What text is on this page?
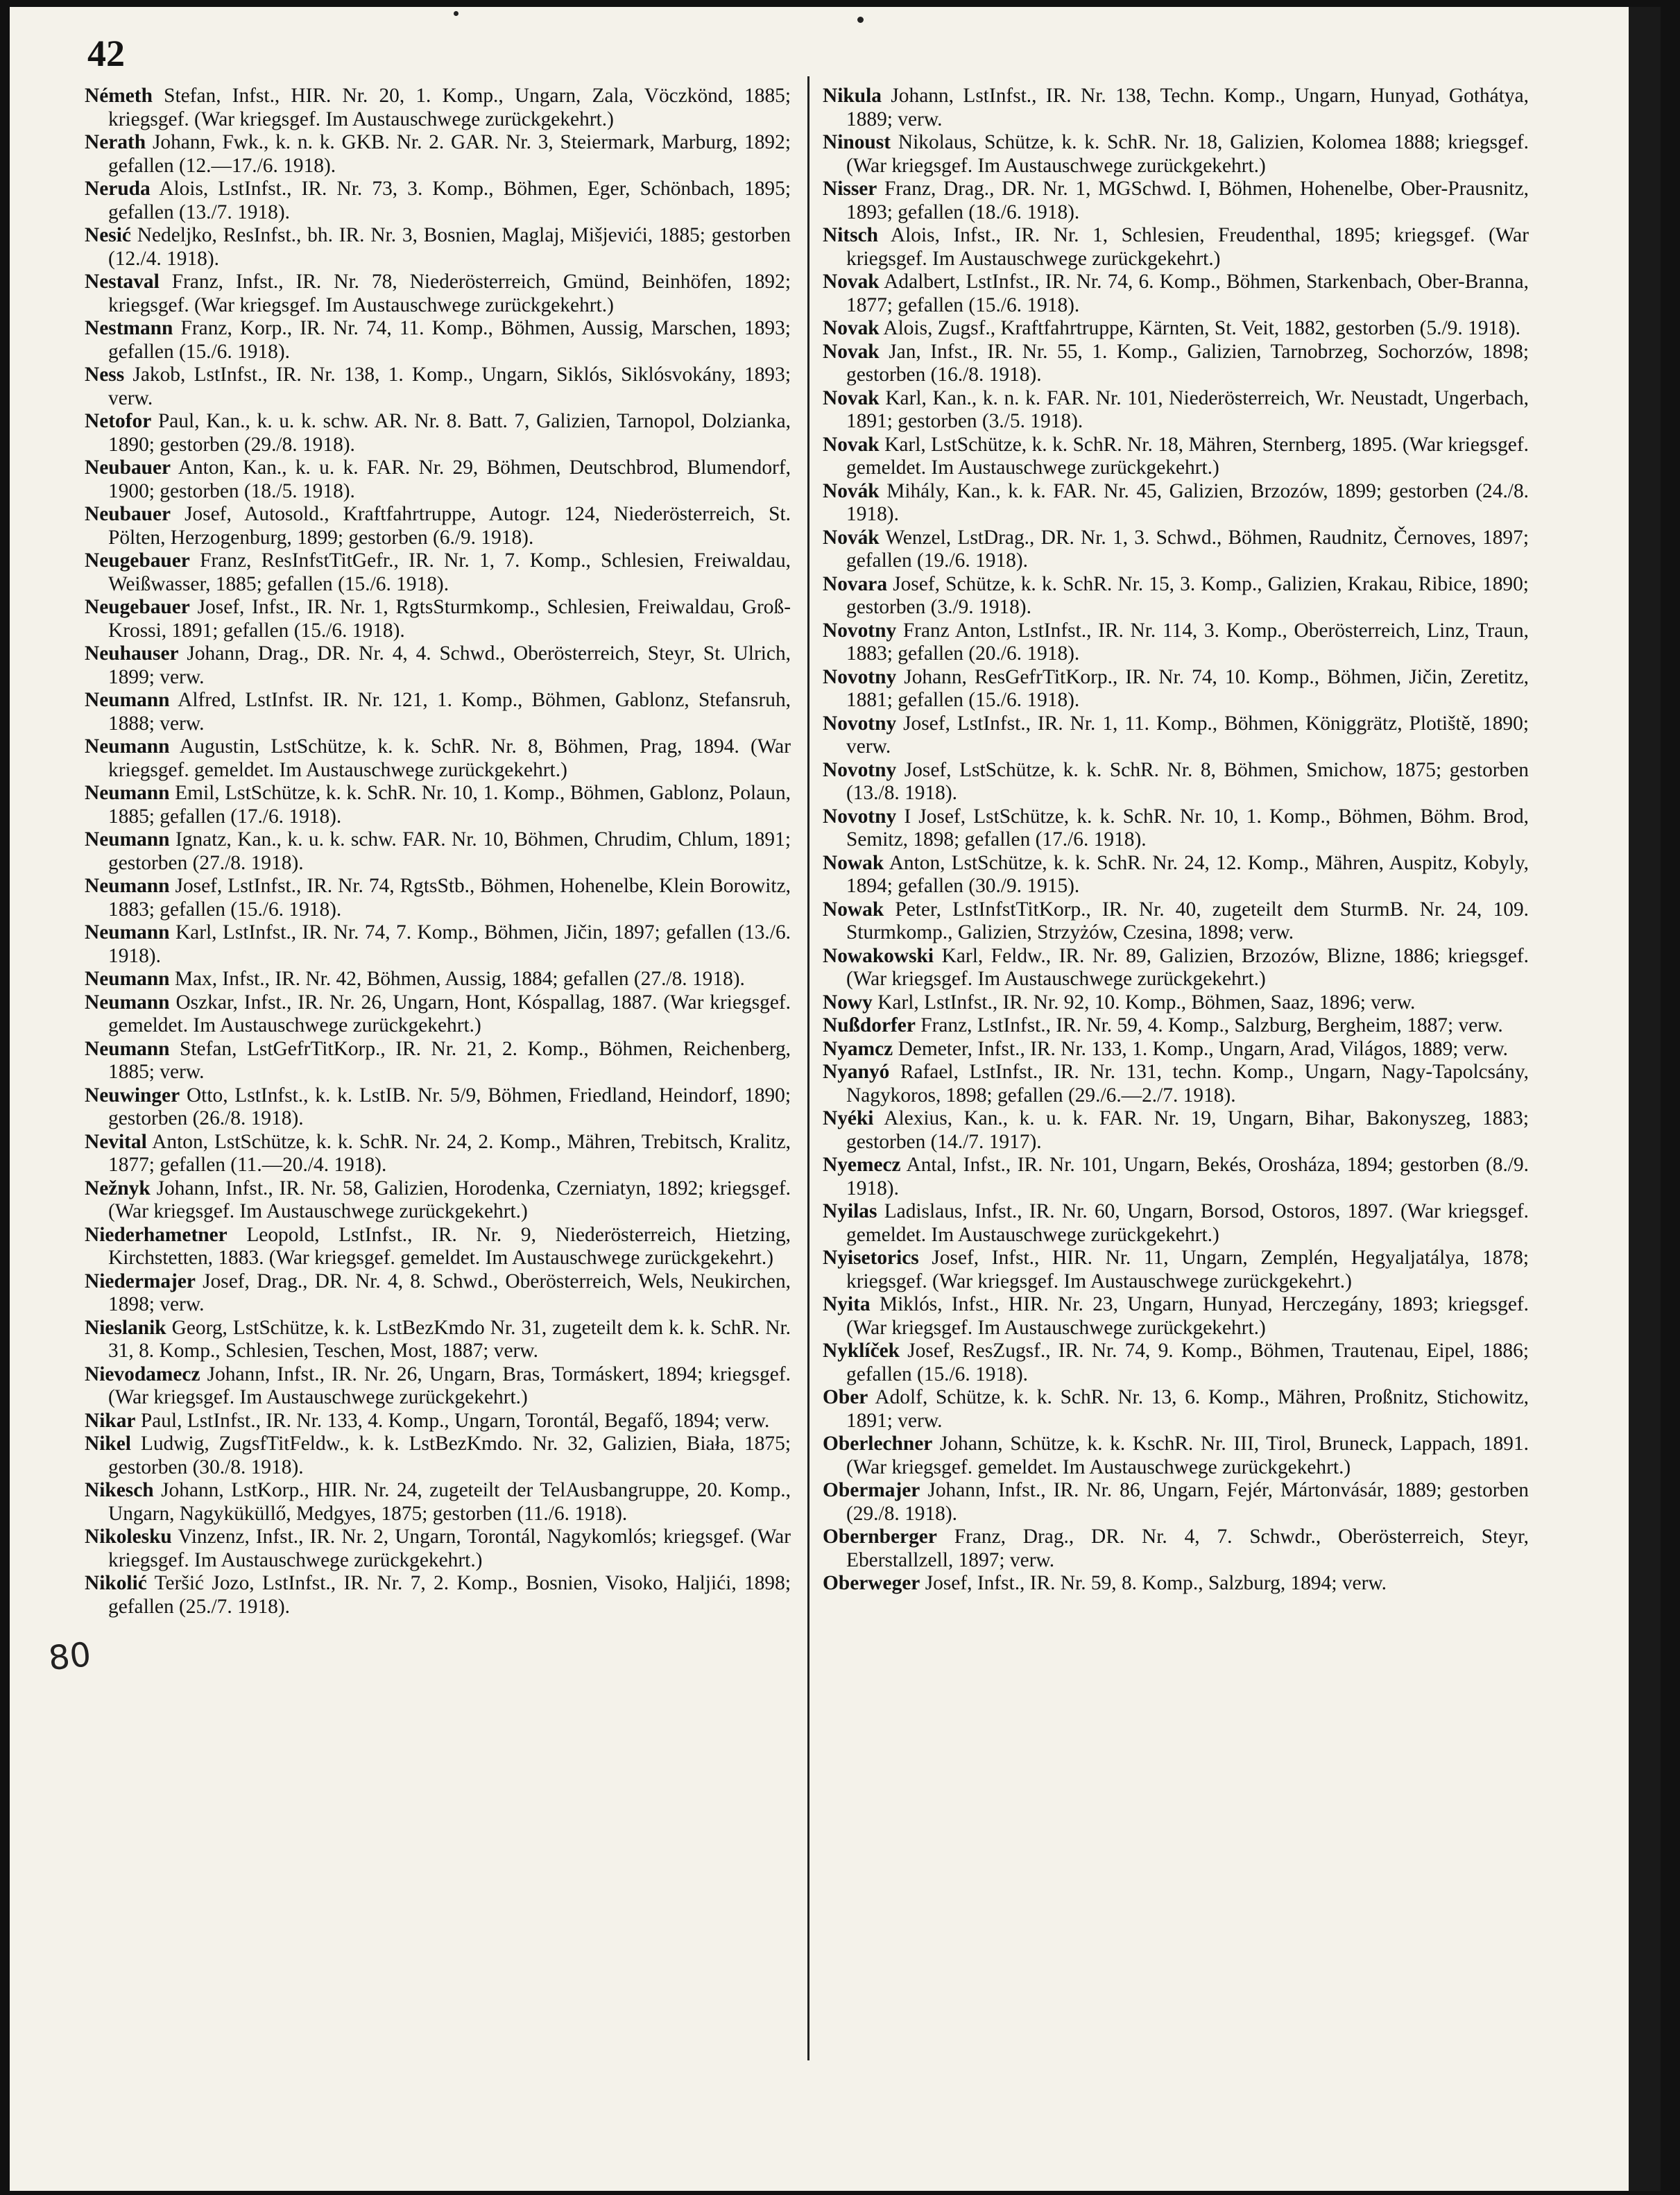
42

Németh Stefan, Infst., HIR. Nr. 20, 1. Komp., Ungarn, Zala, Vöczkönd, 1885; kriegsgef. (War kriegsgef. Im Austauschwege zurückgekehrt.)

Nerath Johann, Fwk., k. n. k. GKB. Nr. 2. GAR. Nr. 3, Steiermark, Marburg, 1892; gefallen (12.—17./6. 1918).

Neruda Alois, LstInfst., IR. Nr. 73, 3. Komp., Böhmen, Eger, Schönbach, 1895; gefallen (13./7. 1918).

Nesić Nedeljko, ResInfst., bh. IR. Nr. 3, Bosnien, Maglaj, Mišjevići, 1885; gestorben (12./4. 1918).

Nestaval Franz, Infst., IR. Nr. 78, Niederösterreich, Gmünd, Beinhöfen, 1892; kriegsgef. (War kriegsgef. Im Austauschwege zurückgekehrt.)

Nestmann Franz, Korp., IR. Nr. 74, 11. Komp., Böhmen, Aussig, Marschen, 1893; gefallen (15./6. 1918).

Ness Jakob, LstInfst., IR. Nr. 138, 1. Komp., Ungarn, Siklós, Siklósvokány, 1893; verw.

Netofor Paul, Kan., k. u. k. schw. AR. Nr. 8. Batt. 7, Galizien, Tarnopol, Dolzianka, 1890; gestorben (29./8. 1918).

Neubauer Anton, Kan., k. u. k. FAR. Nr. 29, Böhmen, Deutschbrod, Blumendorf, 1900; gestorben (18./5. 1918).

Neubauer Josef, Autosold., Kraftfahrtruppe, Autogr. 124, Niederösterreich, St. Pölten, Herzogenburg, 1899; gestorben (6./9. 1918).

Neugebauer Franz, ResInfstTitGefr., IR. Nr. 1, 7. Komp., Schlesien, Freiwaldau, Weißwasser, 1885; gefallen (15./6. 1918).

Neugebauer Josef, Infst., IR. Nr. 1, RgtsSturmkomp., Schlesien, Freiwaldau, Groß-Krossi, 1891; gefallen (15./6. 1918).

Neuhauser Johann, Drag., DR. Nr. 4, 4. Schwd., Oberösterreich, Steyr, St. Ulrich, 1899; verw.

Neumann Alfred, LstInfst. IR. Nr. 121, 1. Komp., Böhmen, Gablonz, Stefansruh, 1888; verw.

Neumann Augustin, LstSchütze, k. k. SchR. Nr. 8, Böhmen, Prag, 1894. (War kriegsgef. gemeldet. Im Austauschwege zurückgekehrt.)

Neumann Emil, LstSchütze, k. k. SchR. Nr. 10, 1. Komp., Böhmen, Gablonz, Polaun, 1885; gefallen (17./6. 1918).

Neumann Ignatz, Kan., k. u. k. schw. FAR. Nr. 10, Böhmen, Chrudim, Chlum, 1891; gestorben (27./8. 1918).

Neumann Josef, LstInfst., IR. Nr. 74, RgtsStb., Böhmen, Hohenelbe, Klein Borowitz, 1883; gefallen (15./6. 1918).

Neumann Karl, LstInfst., IR. Nr. 74, 7. Komp., Böhmen, Jičin, 1897; gefallen (13./6. 1918).

Neumann Max, Infst., IR. Nr. 42, Böhmen, Aussig, 1884; gefallen (27./8. 1918).

Neumann Oszkar, Infst., IR. Nr. 26, Ungarn, Hont, Kóspallag, 1887. (War kriegsgef. gemeldet. Im Austauschwege zurückgekehrt.)

Neumann Stefan, LstGefrTitKorp., IR. Nr. 21, 2. Komp., Böhmen, Reichenberg, 1885; verw.

Neuwinger Otto, LstInfst., k. k. LstIB. Nr. 5/9, Böhmen, Friedland, Heindorf, 1890; gestorben (26./8. 1918).

Nevital Anton, LstSchütze, k. k. SchR. Nr. 24, 2. Komp., Mähren, Trebitsch, Kralitz, 1877; gefallen (11.—20./4. 1918).

Nežnyk Johann, Infst., IR. Nr. 58, Galizien, Horodenka, Czerniatyn, 1892; kriegsgef. (War kriegsgef. Im Austauschwege zurückgekehrt.)

Niederhametner Leopold, LstInfst., IR. Nr. 9, Niederösterreich, Hietzing, Kirchstetten, 1883. (War kriegsgef. gemeldet. Im Austauschwege zurückgekehrt.)

Niedermajer Josef, Drag., DR. Nr. 4, 8. Schwd., Oberösterreich, Wels, Neukirchen, 1898; verw.

Nieslanik Georg, LstSchütze, k. k. LstBezKmdo Nr. 31, zugeteilt dem k. k. SchR. Nr. 31, 8. Komp., Schlesien, Teschen, Most, 1887; verw.

Nievodamecz Johann, Infst., IR. Nr. 26, Ungarn, Bras, Tormáskert, 1894; kriegsgef. (War kriegsgef. Im Austauschwege zurückgekehrt.)

Nikar Paul, LstInfst., IR. Nr. 133, 4. Komp., Ungarn, Torontál, Begafő, 1894; verw.

Nikel Ludwig, ZugsfTitFeldw., k. k. LstBezKmdo. Nr. 32, Galizien, Biała, 1875; gestorben (30./8. 1918).

Nikesch Johann, LstKorp., HIR. Nr. 24, zugeteilt der TelAusbangruppe, 20. Komp., Ungarn, Nagyküküllő, Medgyes, 1875; gestorben (11./6. 1918).

Nikolesku Vinzenz, Infst., IR. Nr. 2, Ungarn, Torontál, Nagykomlós; kriegsgef. (War kriegsgef. Im Austauschwege zurückgekehrt.)

Nikolić Teršić Jozo, LstInfst., IR. Nr. 7, 2. Komp., Bosnien, Visoko, Haljići, 1898; gefallen (25./7. 1918).

Nikula Johann, LstInfst., IR. Nr. 138, Techn. Komp., Ungarn, Hunyad, Gothátya, 1889; verw.

Ninoust Nikolaus, Schütze, k. k. SchR. Nr. 18, Galizien, Kolomea 1888; kriegsgef. (War kriegsgef. Im Austauschwege zurückgekehrt.)

Nisser Franz, Drag., DR. Nr. 1, MGSchwd. I, Böhmen, Hohenelbe, Ober-Prausnitz, 1893; gefallen (18./6. 1918).

Nitsch Alois, Infst., IR. Nr. 1, Schlesien, Freudenthal, 1895; kriegsgef. (War kriegsgef. Im Austauschwege zurückgekehrt.)

Novak Adalbert, LstInfst., IR. Nr. 74, 6. Komp., Böhmen, Starkenbach, Ober-Branna, 1877; gefallen (15./6. 1918).

Novak Alois, Zugsf., Kraftfahrtruppe, Kärnten, St. Veit, 1882, gestorben (5./9. 1918).

Novak Jan, Infst., IR. Nr. 55, 1. Komp., Galizien, Tarnobrzeg, Sochorzów, 1898; gestorben (16./8. 1918).

Novak Karl, Kan., k. n. k. FAR. Nr. 101, Niederösterreich, Wr. Neustadt, Ungerbach, 1891; gestorben (3./5. 1918).

Novak Karl, LstSchütze, k. k. SchR. Nr. 18, Mähren, Sternberg, 1895. (War kriegsgef. gemeldet. Im Austauschwege zurückgekehrt.)

Novák Mihály, Kan., k. k. FAR. Nr. 45, Galizien, Brzozów, 1899; gestorben (24./8. 1918).

Novák Wenzel, LstDrag., DR. Nr. 1, 3. Schwd., Böhmen, Raudnitz, Černoves, 1897; gefallen (19./6. 1918).

Novara Josef, Schütze, k. k. SchR. Nr. 15, 3. Komp., Galizien, Krakau, Ribice, 1890; gestorben (3./9. 1918).

Novotny Franz Anton, LstInfst., IR. Nr. 114, 3. Komp., Oberösterreich, Linz, Traun, 1883; gefallen (20./6. 1918).

Novotny Johann, ResGefrTitKorp., IR. Nr. 74, 10. Komp., Böhmen, Jičin, Zeretitz, 1881; gefallen (15./6. 1918).

Novotny Josef, LstInfst., IR. Nr. 1, 11. Komp., Böhmen, Königgrätz, Plotiště, 1890; verw.

Novotny Josef, LstSchütze, k. k. SchR. Nr. 8, Böhmen, Smichow, 1875; gestorben (13./8. 1918).

Novotny I Josef, LstSchütze, k. k. SchR. Nr. 10, 1. Komp., Böhmen, Böhm. Brod, Semitz, 1898; gefallen (17./6. 1918).

Nowak Anton, LstSchütze, k. k. SchR. Nr. 24, 12. Komp., Mähren, Auspitz, Kobyly, 1894; gefallen (30./9. 1915).

Nowak Peter, LstInfstTitKorp., IR. Nr. 40, zugeteilt dem SturmB. Nr. 24, 109. Sturmkomp., Galizien, Strzyżów, Czesina, 1898; verw.

Nowakowski Karl, Feldw., IR. Nr. 89, Galizien, Brzozów, Blizne, 1886; kriegsgef. (War kriegsgef. Im Austauschwege zurückgekehrt.)

Nowy Karl, LstInfst., IR. Nr. 92, 10. Komp., Böhmen, Saaz, 1896; verw.

Nußdorfer Franz, LstInfst., IR. Nr. 59, 4. Komp., Salzburg, Bergheim, 1887; verw.

Nyamcz Demeter, Infst., IR. Nr. 133, 1. Komp., Ungarn, Arad, Világos, 1889; verw.

Nyanyó Rafael, LstInfst., IR. Nr. 131, techn. Komp., Ungarn, Nagy-Tapolcsány, Nagykoros, 1898; gefallen (29./6.—2./7. 1918).

Nyéki Alexius, Kan., k. u. k. FAR. Nr. 19, Ungarn, Bihar, Bakonyszeg, 1883; gestorben (14./7. 1917).

Nyemecz Antal, Infst., IR. Nr. 101, Ungarn, Bekés, Orosháza, 1894; gestorben (8./9. 1918).

Nyilas Ladislaus, Infst., IR. Nr. 60, Ungarn, Borsod, Ostoros, 1897. (War kriegsgef. gemeldet. Im Austauschwege zurückgekehrt.)

Nyisetorics Josef, Infst., HIR. Nr. 11, Ungarn, Zemplén, Hegyaljatálya, 1878; kriegsgef. (War kriegsgef. Im Austauschwege zurückgekehrt.)

Nyita Miklós, Infst., HIR. Nr. 23, Ungarn, Hunyad, Herczegány, 1893; kriegsgef. (War kriegsgef. Im Austauschwege zurückgekehrt.)

Nyklíček Josef, ResZugsf., IR. Nr. 74, 9. Komp., Böhmen, Trautenau, Eipel, 1886; gefallen (15./6. 1918).

Ober Adolf, Schütze, k. k. SchR. Nr. 13, 6. Komp., Mähren, Proßnitz, Stichowitz, 1891; verw.

Oberlechner Johann, Schütze, k. k. KschR. Nr. III, Tirol, Bruneck, Lappach, 1891. (War kriegsgef. gemeldet. Im Austauschwege zurückgekehrt.)

Obermajer Johann, Infst., IR. Nr. 86, Ungarn, Fejér, Mártonvásár, 1889; gestorben (29./8. 1918).

Obernberger Franz, Drag., DR. Nr. 4, 7. Schwdr., Oberösterreich, Steyr, Eberstallzell, 1897; verw.

Oberweger Josef, Infst., IR. Nr. 59, 8. Komp., Salzburg, 1894; verw.

80
